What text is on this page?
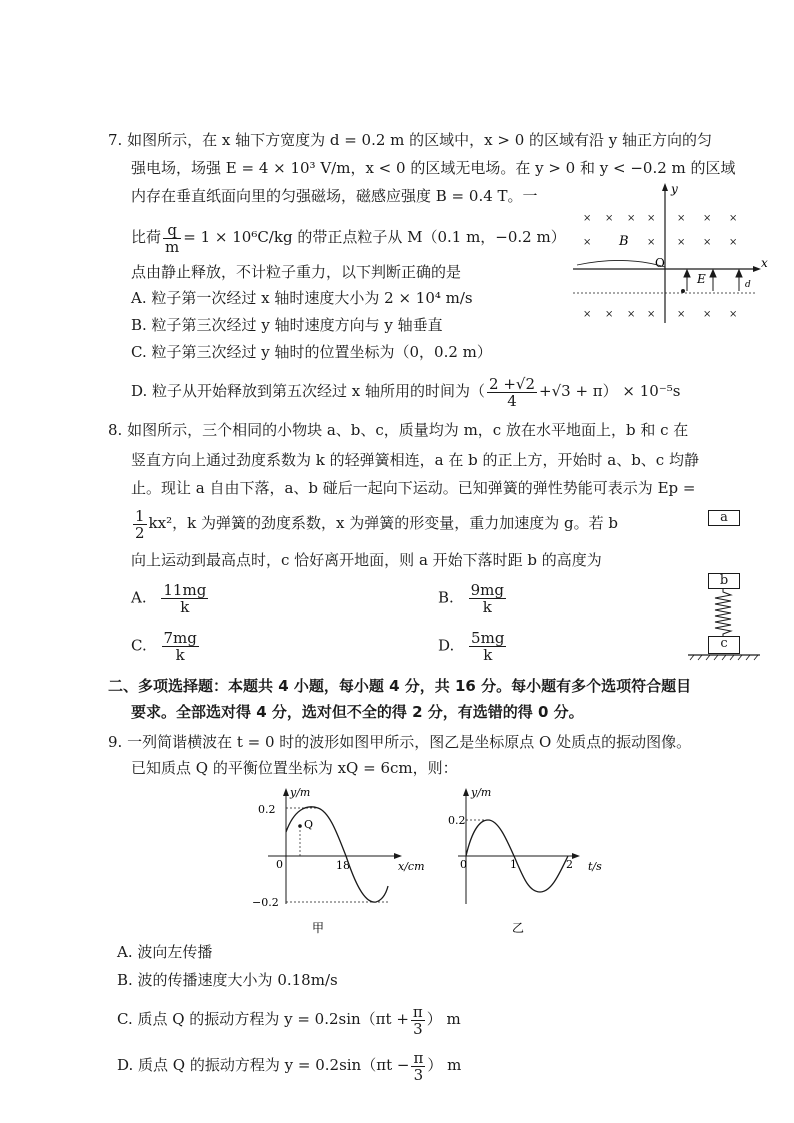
7. 如图所示，在 x 轴下方宽度为 d = 0.2 m 的区域中，x > 0 的区域有沿 y 轴正方向的匀
强电场，场强 E = 4 × 10³ V/m，x < 0 的区域无电场。在 y > 0 和 y < −0.2 m 的区域
内存在垂直纸面向里的匀强磁场，磁感应强度 B = 0.4 T。一
比荷 $\frac{q}{m} = 1 \times 10^6C/kg$ 的带正点粒子从 M（0.1 m，−0.2 m）
点由静止释放，不计粒子重力，以下判断正确的是
A. 粒子第一次经过 x 轴时速度大小为 2 × 10⁴ m/s
B. 粒子第三次经过 y 轴时速度方向与 y 轴垂直
C. 粒子第三次经过 y 轴时的位置坐标为（0，0.2 m）
D. 粒子从开始释放到第五次经过 x 轴所用的时间为（ $\frac{2 +√2}{4} +√3 + \pi) \times 10^{-5}s$
y
x
O
× × × × × × ×
×	× × × ×
× × × × × × ×
B
E	d
8. 如图所示，三个相同的小物块 a、b、c，质量均为 m，c 放在水平地面上，b 和 c 在
竖直方向上通过劲度系数为 k 的轻弹簧相连，a 在 b 的正上方，开始时 a、b、c 均静
止。现让 a 自由下落，a、b 碰后一起向下运动。已知弹簧的弹性势能可表示为 Ep =
$\frac{1}{2} kx^2$，k 为弹簧的劲度系数，x 为弹簧的形变量，重力加速度为 g。若 b
向上运动到最高点时，c 恰好离开地面，则 a 开始下落时距 b 的高度为
A. $\frac{11mg}{k}$	B. $\frac{9mg}{k}$
C. $\frac{7mg}{k}$	D. $\frac{5mg}{k}$
a
b
c
二、多项选择题：本题共 4 小题，每小题 4 分，共 16 分。每小题有多个选项符合题目
要求。全部选对得 4 分，选对但不全的得 2 分，有选错的得 0 分。
9. 一列简谐横波在 t = 0 时的波形如图甲所示，图乙是坐标原点 O 处质点的振动图像。
已知质点 Q 的平衡位置坐标为 xQ = 6cm，则：
y/m
x/cm
0
0.2
−0.2
18
Q
甲
y/m
t/s
0
0.2
1	2
乙
A. 波向左传播
B. 波的传播速度大小为 0.18m/s
C. 质点 Q 的振动方程为 $y = 0.2\sin(\pi t + \frac{\pi}{3}$ ） m
D. 质点 Q 的振动方程为 $y = 0.2\sin(\pi t - \frac{\pi}{3}$ ） m
